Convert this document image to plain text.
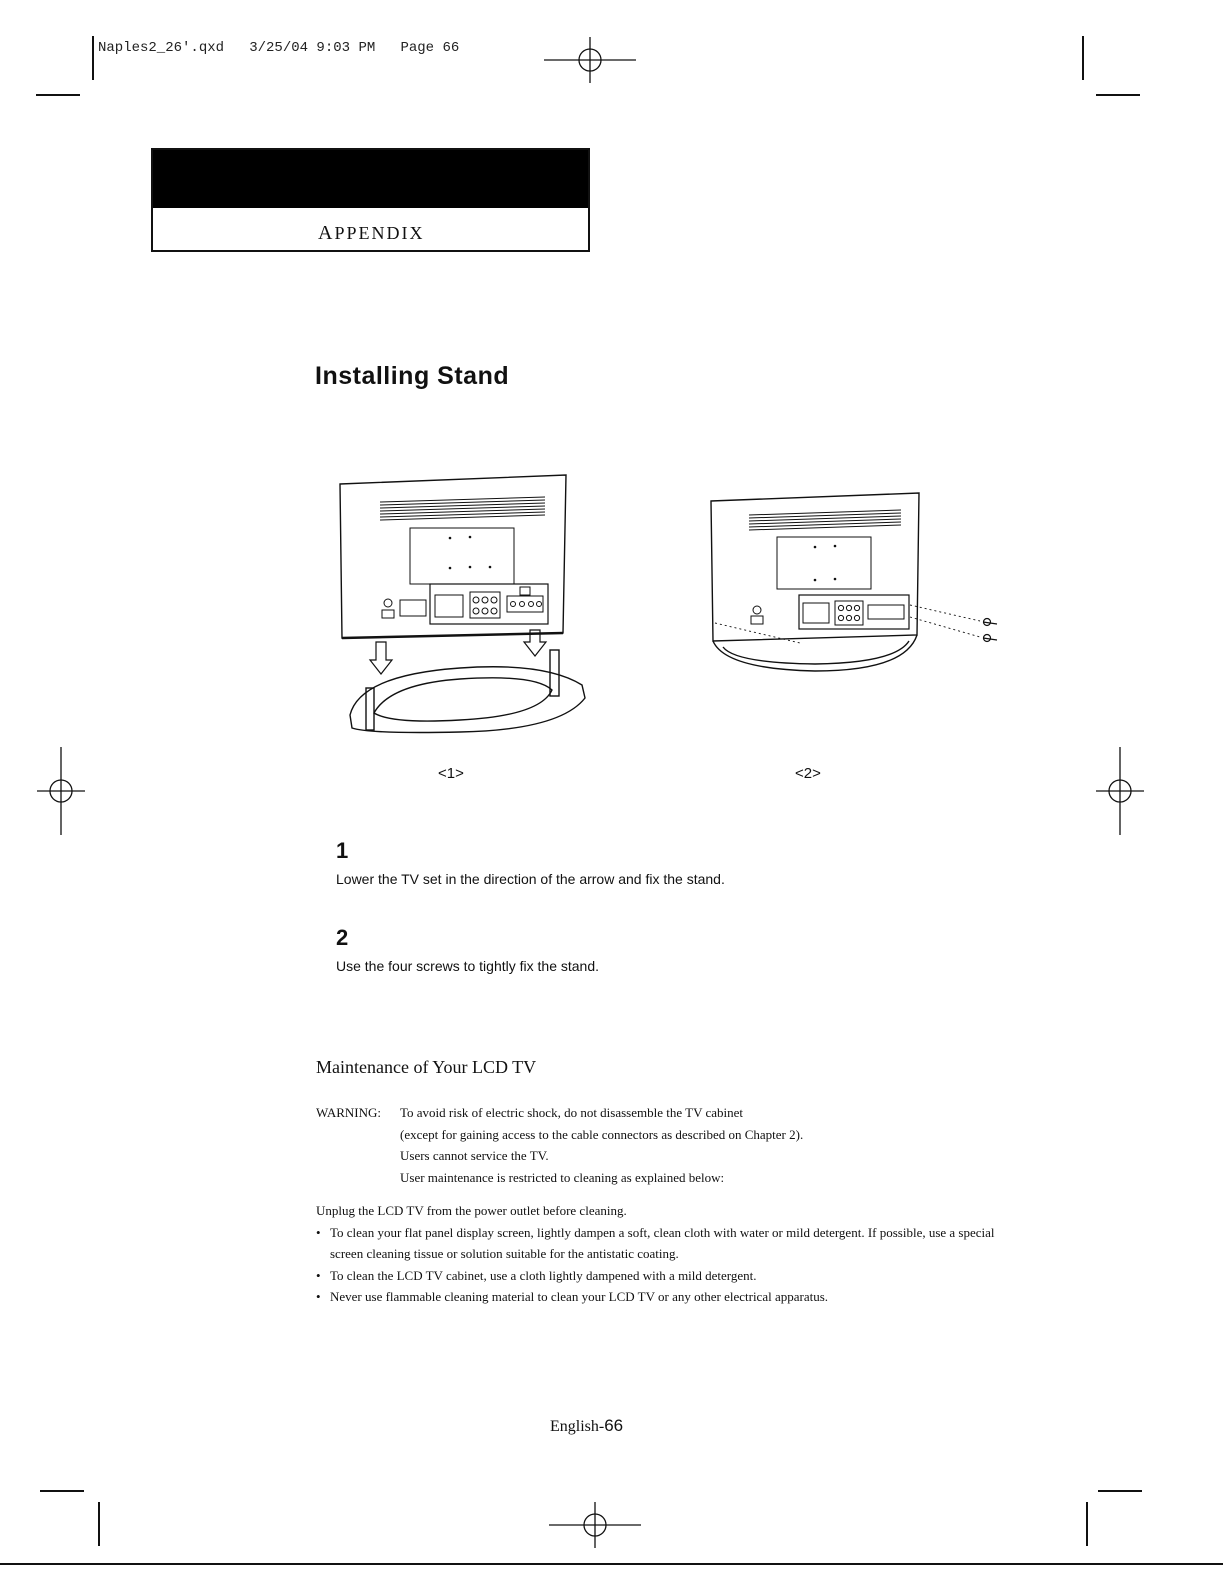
Naples2_26'.qxd   3/25/04 9:03 PM   Page 66
APPENDIX
Installing Stand
<1>	<2>
1
Lower the TV set in the direction of the arrow and fix the stand.
2
Use the four screws to tightly fix the stand.
Maintenance of Your LCD TV
WARNING: To avoid risk of electric shock, do not disassemble the TV cabinet
(except for gaining access to the cable connectors as described on Chapter 2).
Users cannot service the TV.
User maintenance is restricted to cleaning as explained below:
Unplug the LCD TV from the power outlet before cleaning.
• To clean your flat panel display screen, lightly dampen a soft, clean cloth with water or mild detergent. If possible, use a special screen cleaning tissue or solution suitable for the antistatic coating.
• To clean the LCD TV cabinet, use a cloth lightly dampened with a mild detergent.
• Never use flammable cleaning material to clean your LCD TV or any other electrical apparatus.
English-66
